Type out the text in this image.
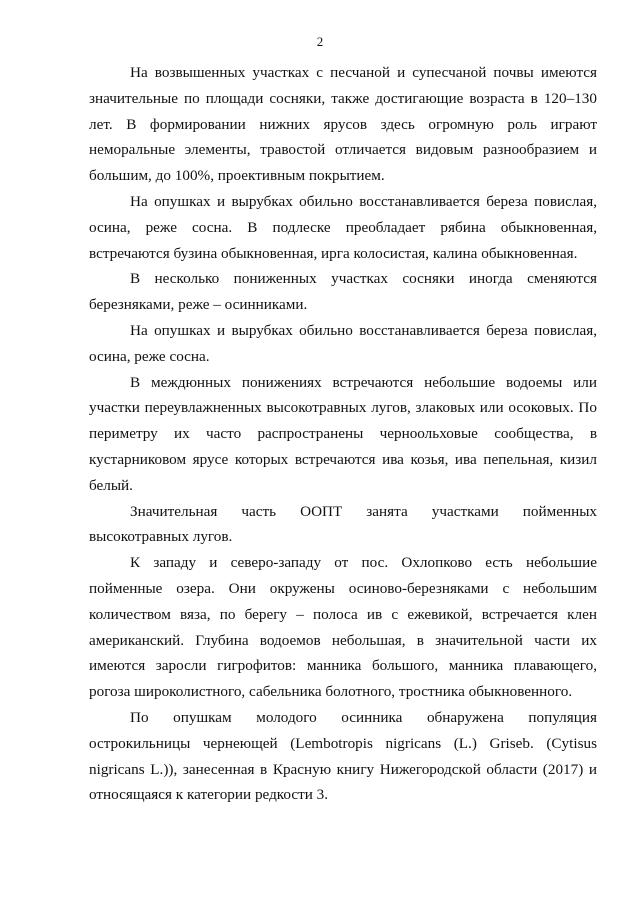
2

На возвышенных участках с песчаной и супесчаной почвы имеются значительные по площади сосняки, также достигающие возраста в 120–130 лет. В формировании нижних ярусов здесь огромную роль играют неморальные элементы, травостой отличается видовым разнообразием и большим, до 100%, проективным покрытием.

На опушках и вырубках обильно восстанавливается береза повислая, осина, реже сосна. В подлеске преобладает рябина обыкновенная, встречаются бузина обыкновенная, ирга колосистая, калина обыкновенная.

В несколько пониженных участках сосняки иногда сменяются березняками, реже – осинниками.

На опушках и вырубках обильно восстанавливается береза повислая, осина, реже сосна.

В междюнных понижениях встречаются небольшие водоемы или участки переувлажненных высокотравных лугов, злаковых или осоковых. По периметру их часто распространены черноольховые сообщества, в кустарниковом ярусе которых встречаются ива козья, ива пепельная, кизил белый.

Значительная часть ООПТ занята участками пойменных высокотравных лугов.

К западу и северо-западу от пос. Охлопково есть небольшие пойменные озера. Они окружены осиново-березняками с небольшим количеством вяза, по берегу – полоса ив с ежевикой, встречается клен американский. Глубина водоемов небольшая, в значительной части их имеются заросли гигрофитов: манника большого, манника плавающего, рогоза широколистного, сабельника болотного, тростника обыкновенного.

По опушкам молодого осинника обнаружена популяция острокильницы чернеющей (Lembotropis nigricans (L.) Griseb. (Cytisus nigricans L.)), занесенная в Красную книгу Нижегородской области (2017) и относящаяся к категории редкости 3.
